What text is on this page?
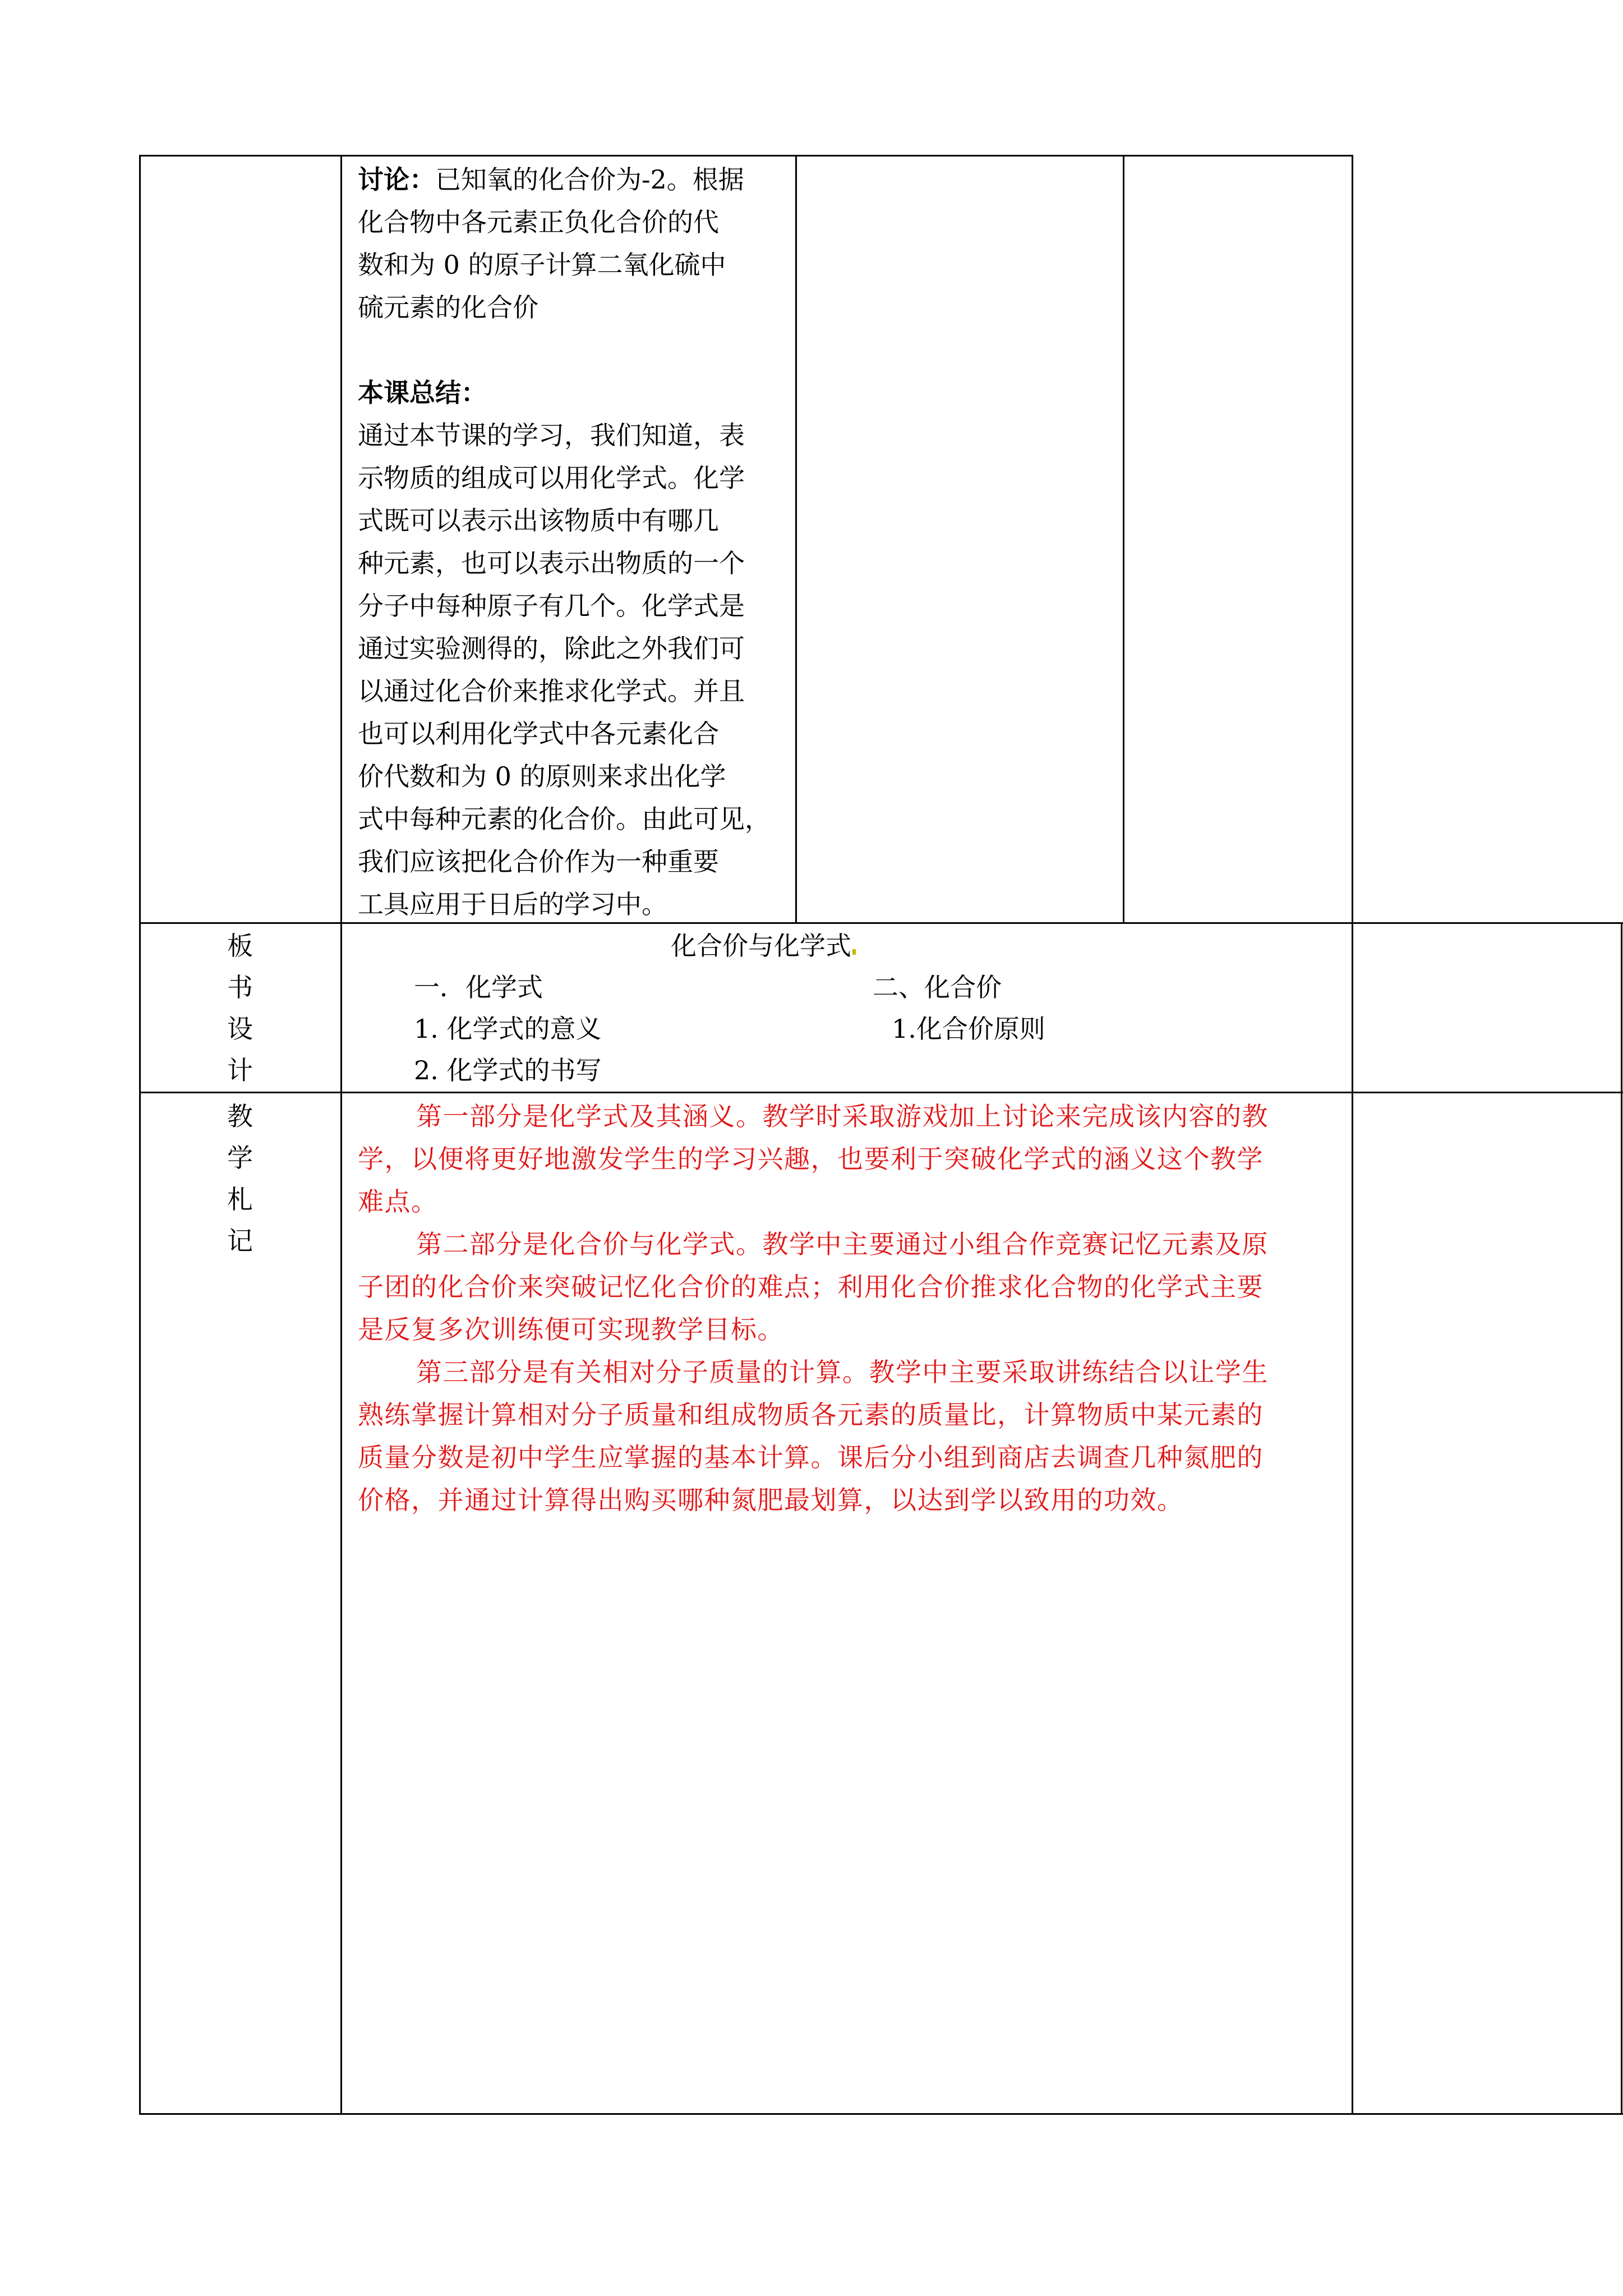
讨论：已知氧的化合价为-2。根据
化合物中各元素正负化合价的代
数和为 0 的原子计算二氧化硫中
硫元素的化合价
本课总结：
通过本节课的学习，我们知道，表
示物质的组成可以用化学式。化学
式既可以表示出该物质中有哪几
种元素，也可以表示出物质的一个
分子中每种原子有几个。化学式是
通过实验测得的，除此之外我们可
以通过化合价来推求化学式。并且
也可以利用化学式中各元素化合
价代数和为 0 的原则来求出化学
式中每种元素的化合价。由此可见，
我们应该把化合价作为一种重要
工具应用于日后的学习中。
板
书
设
计
化合价与化学式
一．化学式	二、化合价
1. 化学式的意义	1.化合价原则
2. 化学式的书写
教
学
札
记
第一部分是化学式及其涵义。教学时采取游戏加上讨论来完成该内容的教
学，以便将更好地激发学生的学习兴趣，也要利于突破化学式的涵义这个教学
难点。
第二部分是化合价与化学式。教学中主要通过小组合作竞赛记忆元素及原
子团的化合价来突破记忆化合价的难点；利用化合价推求化合物的化学式主要
是反复多次训练便可实现教学目标。
第三部分是有关相对分子质量的计算。教学中主要采取讲练结合以让学生
熟练掌握计算相对分子质量和组成物质各元素的质量比，计算物质中某元素的
质量分数是初中学生应掌握的基本计算。课后分小组到商店去调查几种氮肥的
价格，并通过计算得出购买哪种氮肥最划算，以达到学以致用的功效。
